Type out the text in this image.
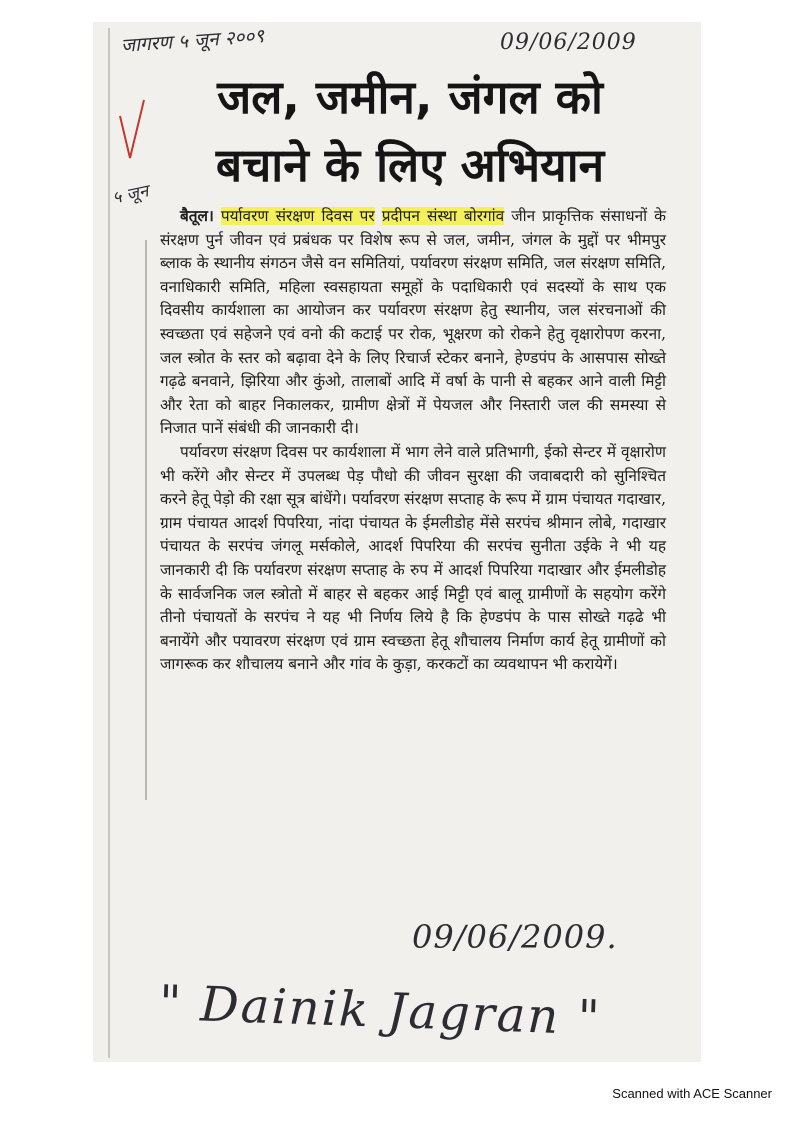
जागरण ५ जून २००९	09/06/2009
जल, जमीन, जंगल को
बचाने के लिए अभियान
५ जून

बैतूल। पर्यावरण संरक्षण दिवस पर प्रदीपन संस्था बोरगांव जीन प्राकृत्तिक संसाधनों के संरक्षण पुर्न जीवन एवं प्रबंधक पर विशेष रूप से जल, जमीन, जंगल के मुद्दों पर भीमपुर ब्लाक के स्थानीय संगठन जैसे वन समितियां, पर्यावरण संरक्षण समिति, जल संरक्षण समिति, वनाधिकारी समिति, महिला स्वसहायता समूहों के पदाधिकारी एवं सदस्यों के साथ एक दिवसीय कार्यशाला का आयोजन कर पर्यावरण संरक्षण हेतु स्थानीय, जल संरचनाओं की स्वच्छता एवं सहेजने एवं वनो की कटाई पर रोक, भूक्षरण को रोकने हेतु वृक्षारोपण करना, जल स्त्रोत के स्तर को बढ़ावा देने के लिए रिचार्ज स्टेकर बनाने, हेण्डपंप के आसपास सोख्ते गढ़ढे बनवाने, झिरिया और कुंओ, तालाबों आदि में वर्षा के पानी से बहकर आने वाली मिट्टी और रेता को बाहर निकालकर, ग्रामीण क्षेत्रों में पेयजल और निस्तारी जल की समस्या से निजात पानें संबंधी की जानकारी दी।

पर्यावरण संरक्षण दिवस पर कार्यशाला में भाग लेने वाले प्रतिभागी, ईको सेन्टर में वृक्षारोण भी करेंगे और सेन्टर में उपलब्ध पेड़ पौधो की जीवन सुरक्षा की जवाबदारी को सुनिश्चित करने हेतू पेड़ो की रक्षा सूत्र बांधेंगे। पर्यावरण संरक्षण सप्ताह के रूप में ग्राम पंचायत गदाखार, ग्राम पंचायत आदर्श पिपरिया, नांदा पंचायत के ईमलीडोह मेंसे सरपंच श्रीमान लोबे, गदाखार पंचायत के सरपंच जंगलू मर्सकोले, आदर्श पिपरिया की सरपंच सुनीता उईके ने भी यह जानकारी दी कि पर्यावरण संरक्षण सप्ताह के रुप में आदर्श पिपरिया गदाखार और ईमलीडोह के सार्वजनिक जल स्त्रोतो में बाहर से बहकर आई मिट्टी एवं बालू ग्रामीणों के सहयोग करेंगे तीनो पंचायतों के सरपंच ने यह भी निर्णय लिये है कि हेण्डपंप के पास सोख्ते गढ़ढे भी बनायेंगे और पयावरण संरक्षण एवं ग्राम स्वच्छता हेतू शौचालय निर्माण कार्य हेतू ग्रामीणों को जागरूक कर शौचालय बनाने और गांव के कुड़ा, करकटों का व्यवथापन भी करायेगें।

09/06/2009.
" Dainik Jagran "
Scanned with ACE Scanner
